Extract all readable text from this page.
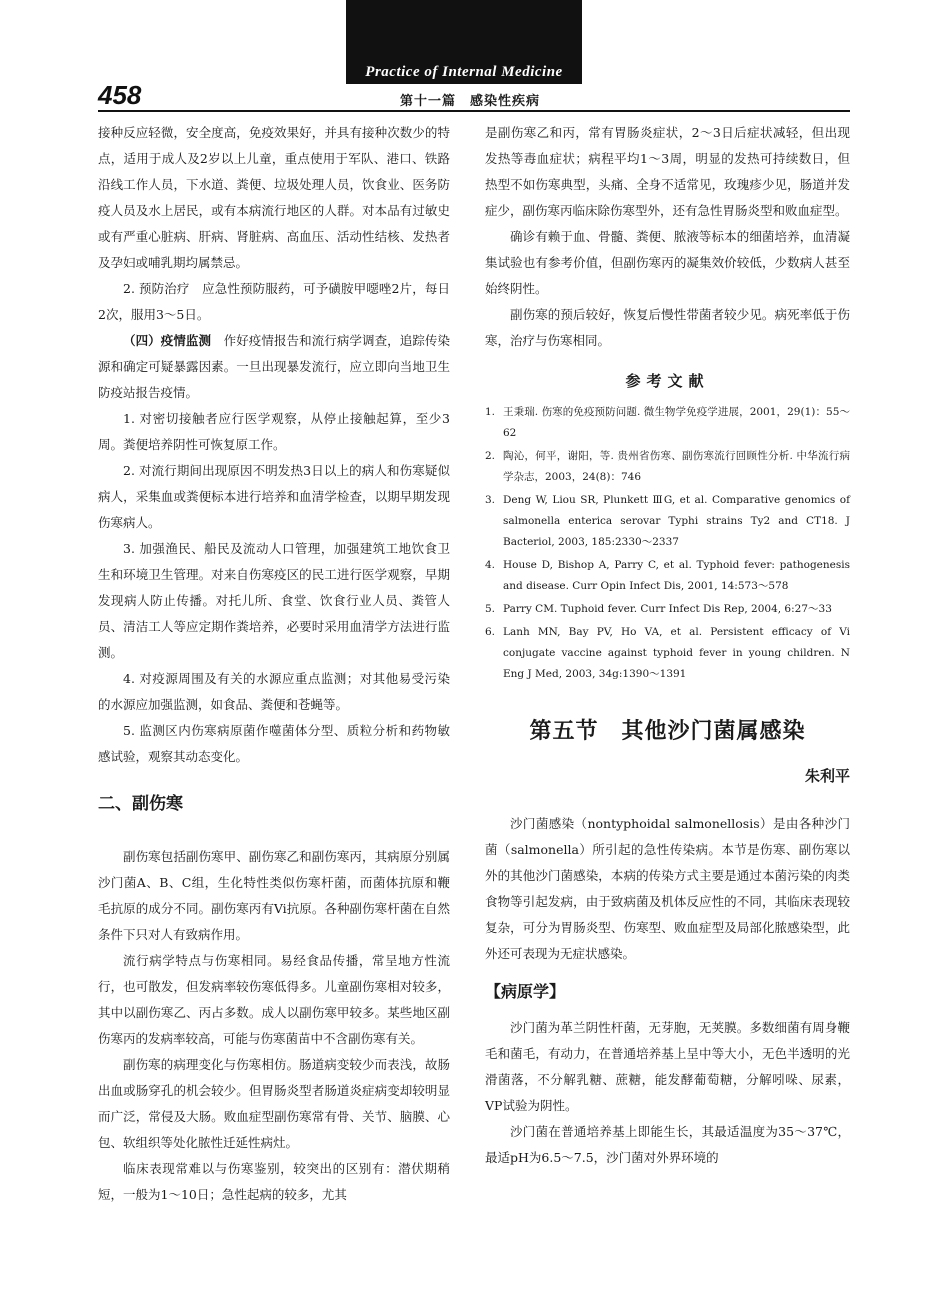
Practice of Internal Medicine
458	第十一篇　感染性疾病

接种反应轻微，安全度高，免疫效果好，并具有接种次数少的特点，适用于成人及2岁以上儿童，重点使用于军队、港口、铁路沿线工作人员，下水道、粪便、垃圾处理人员，饮食业、医务防疫人员及水上居民，或有本病流行地区的人群。对本品有过敏史或有严重心脏病、肝病、肾脏病、高血压、活动性结核、发热者及孕妇或哺乳期均属禁忌。

2. 预防治疗　应急性预防服药，可予磺胺甲噁唑2片，每日2次，服用3～5日。

（四）疫情监测　作好疫情报告和流行病学调查，追踪传染源和确定可疑暴露因素。一旦出现暴发流行，应立即向当地卫生防疫站报告疫情。

1. 对密切接触者应行医学观察，从停止接触起算，至少3周。粪便培养阴性可恢复原工作。

2. 对流行期间出现原因不明发热3日以上的病人和伤寒疑似病人，采集血或粪便标本进行培养和血清学检查，以期早期发现伤寒病人。

3. 加强渔民、船民及流动人口管理，加强建筑工地饮食卫生和环境卫生管理。对来自伤寒疫区的民工进行医学观察，早期发现病人防止传播。对托儿所、食堂、饮食行业人员、粪管人员、清洁工人等应定期作粪培养，必要时采用血清学方法进行监测。

4. 对疫源周围及有关的水源应重点监测；对其他易受污染的水源应加强监测，如食品、粪便和苍蝇等。

5. 监测区内伤寒病原菌作噬菌体分型、质粒分析和药物敏感试验，观察其动态变化。

二、副伤寒

副伤寒包括副伤寒甲、副伤寒乙和副伤寒丙，其病原分别属沙门菌A、B、C组，生化特性类似伤寒杆菌，而菌体抗原和鞭毛抗原的成分不同。副伤寒丙有Vi抗原。各种副伤寒杆菌在自然条件下只对人有致病作用。

流行病学特点与伤寒相同。易经食品传播，常呈地方性流行，也可散发，但发病率较伤寒低得多。儿童副伤寒相对较多，其中以副伤寒乙、丙占多数。成人以副伤寒甲较多。某些地区副伤寒丙的发病率较高，可能与伤寒菌苗中不含副伤寒有关。

副伤寒的病理变化与伤寒相仿。肠道病变较少而表浅，故肠出血或肠穿孔的机会较少。但胃肠炎型者肠道炎症病变却较明显而广泛，常侵及大肠。败血症型副伤寒常有骨、关节、脑膜、心包、软组织等处化脓性迁延性病灶。

临床表现常难以与伤寒鉴别，较突出的区别有：潜伏期稍短，一般为1～10日；急性起病的较多，尤其

是副伤寒乙和丙，常有胃肠炎症状，2～3日后症状减轻，但出现发热等毒血症状；病程平均1～3周，明显的发热可持续数日，但热型不如伤寒典型，头痛、全身不适常见，玫瑰疹少见，肠道并发症少，副伤寒丙临床除伤寒型外，还有急性胃肠炎型和败血症型。

确诊有赖于血、骨髓、粪便、脓液等标本的细菌培养，血清凝集试验也有参考价值，但副伤寒丙的凝集效价较低，少数病人甚至始终阴性。

副伤寒的预后较好，恢复后慢性带菌者较少见。病死率低于伤寒，治疗与伤寒相同。

参考文献
1. 王秉瑞. 伤寒的免疫预防问题. 微生物学免疫学进展，2001，29(1)：55～62
2. 陶沁，何平，谢阳，等. 贵州省伤寒、副伤寒流行回顾性分析. 中华流行病学杂志，2003，24(8)：746
3. Deng W, Liou SR, Plunkett ⅢG, et al. Comparative genomics of salmonella enterica serovar Typhi strains Ty2 and CT18. J Bacteriol, 2003, 185:2330～2337
4. House D, Bishop A, Parry C, et al. Typhoid fever: pathogenesis and disease. Curr Opin Infect Dis, 2001, 14:573～578
5. Parry CM. Tuphoid fever. Curr Infect Dis Rep, 2004, 6:27～33
6. Lanh MN, Bay PV, Ho VA, et al. Persistent efficacy of Vi conjugate vaccine against typhoid fever in young children. N Eng J Med, 2003, 34g:1390～1391
第五节　其他沙门菌属感染
朱利平

沙门菌感染（nontyphoidal salmonellosis）是由各种沙门菌（salmonella）所引起的急性传染病。本节是伤寒、副伤寒以外的其他沙门菌感染，本病的传染方式主要是通过本菌污染的肉类食物等引起发病，由于致病菌及机体反应性的不同，其临床表现较复杂，可分为胃肠炎型、伤寒型、败血症型及局部化脓感染型，此外还可表现为无症状感染。

【病原学】

沙门菌为革兰阴性杆菌，无芽胞，无荚膜。多数细菌有周身鞭毛和菌毛，有动力，在普通培养基上呈中等大小，无色半透明的光滑菌落，不分解乳糖、蔗糖，能发酵葡萄糖，分解吲哚、尿素，VP试验为阴性。

沙门菌在普通培养基上即能生长，其最适温度为35～37℃，最适pH为6.5～7.5，沙门菌对外界环境的
